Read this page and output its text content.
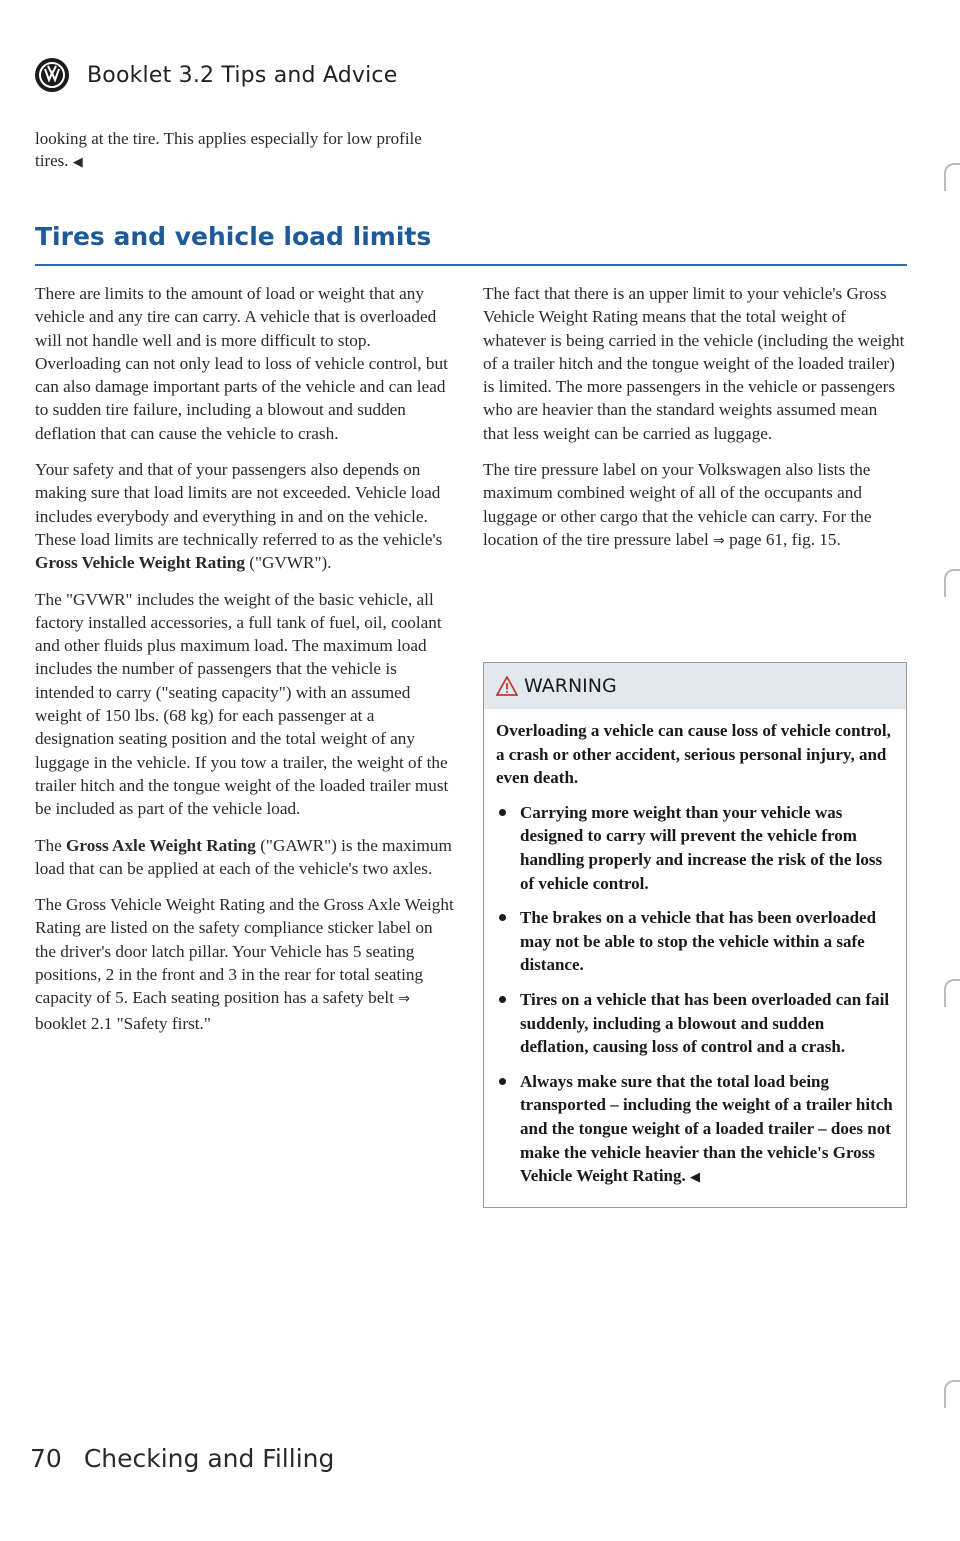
Booklet 3.2 Tips and Advice

looking at the tire. This applies especially for low profile tires. ◀

Tires and vehicle load limits

There are limits to the amount of load or weight that any vehicle and any tire can carry. A vehicle that is overloaded will not handle well and is more difficult to stop. Overloading can not only lead to loss of vehicle control, but can also damage important parts of the vehicle and can lead to sudden tire failure, including a blowout and sudden deflation that can cause the vehicle to crash.

Your safety and that of your passengers also depends on making sure that load limits are not exceeded. Vehicle load includes everybody and everything in and on the vehicle. These load limits are technically referred to as the vehicle's Gross Vehicle Weight Rating ("GVWR").

The "GVWR" includes the weight of the basic vehicle, all factory installed accessories, a full tank of fuel, oil, coolant and other fluids plus maximum load. The maximum load includes the number of passengers that the vehicle is intended to carry ("seating capacity") with an assumed weight of 150 lbs. (68 kg) for each passenger at a designation seating position and the total weight of any luggage in the vehicle. If you tow a trailer, the weight of the trailer hitch and the tongue weight of the loaded trailer must be included as part of the vehicle load.

The Gross Axle Weight Rating ("GAWR") is the maximum load that can be applied at each of the vehicle's two axles.

The Gross Vehicle Weight Rating and the Gross Axle Weight Rating are listed on the safety compliance sticker label on the driver's door latch pillar. Your Vehicle has 5 seating positions, 2 in the front and 3 in the rear for total seating capacity of 5. Each seating position has a safety belt ⇒ booklet 2.1 "Safety first."

The fact that there is an upper limit to your vehicle's Gross Vehicle Weight Rating means that the total weight of whatever is being carried in the vehicle (including the weight of a trailer hitch and the tongue weight of the loaded trailer) is limited. The more passengers in the vehicle or passengers who are heavier than the standard weights assumed mean that less weight can be carried as luggage.

The tire pressure label on your Volkswagen also lists the maximum combined weight of all of the occupants and luggage or other cargo that the vehicle can carry. For the location of the tire pressure label ⇒ page 61, fig. 15.

WARNING

Overloading a vehicle can cause loss of vehicle control, a crash or other accident, serious personal injury, and even death.

Carrying more weight than your vehicle was designed to carry will prevent the vehicle from handling properly and increase the risk of the loss of vehicle control.

The brakes on a vehicle that has been overloaded may not be able to stop the vehicle within a safe distance.

Tires on a vehicle that has been overloaded can fail suddenly, including a blowout and sudden deflation, causing loss of control and a crash.

Always make sure that the total load being transported – including the weight of a trailer hitch and the tongue weight of a loaded trailer – does not make the vehicle heavier than the vehicle's Gross Vehicle Weight Rating. ◀

70 Checking and Filling
